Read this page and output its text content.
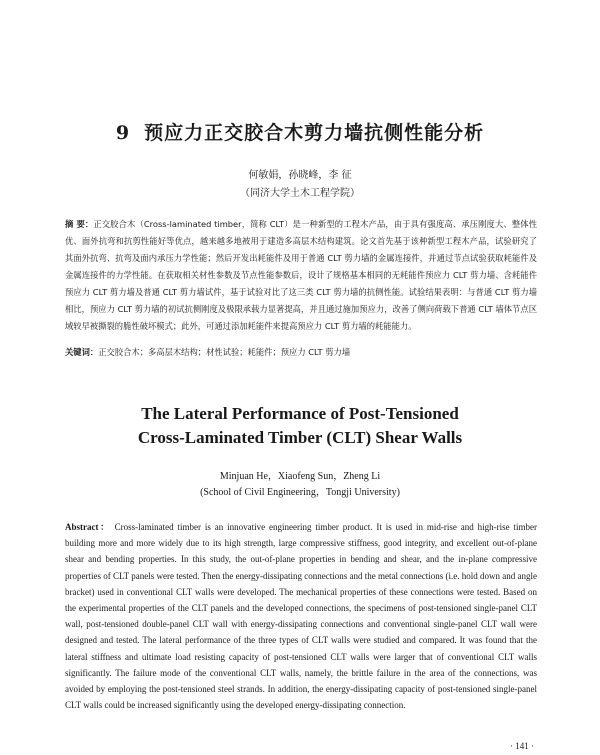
9 预应力正交胶合木剪力墙抗侧性能分析
何敏娟，孙晓峰，李 征
（同济大学土木工程学院）
摘 要：正交胶合木（Cross-laminated timber，简称 CLT）是一种新型的工程木产品，由于具有强度高、承压刚度大、整体性优、面外抗弯和抗剪性能好等优点，越来越多地被用于建造多高层木结构建筑。论文首先基于该种新型工程木产品，试验研究了其面外抗弯、抗弯及面内承压力学性能；然后开发出耗能件及用于普通 CLT 剪力墙的金属连接件，并通过节点试验获取耗能件及金属连接件的力学性能。在获取相关材性参数及节点性能参数后，设计了规格基本相同的无耗能件预应力 CLT 剪力墙、含耗能件预应力 CLT 剪力墙及普通 CLT 剪力墙试件，基于试验对比了这三类 CLT 剪力墙的抗侧性能。试验结果表明：与普通 CLT 剪力墙相比，预应力 CLT 剪力墙的初试抗侧刚度及极限承载力显著提高，并且通过施加预应力，改善了侧向荷载下普通 CLT 墙体节点区域较早被撕裂的脆性破坏模式；此外，可通过添加耗能件来提高预应力 CLT 剪力墙的耗能能力。
关键词：正交胶合木；多高层木结构；材性试验；耗能件；预应力 CLT 剪力墙
The Lateral Performance of Post-Tensioned
Cross-Laminated Timber (CLT) Shear Walls
Minjuan He，Xiaofeng Sun，Zheng Li
(School of Civil Engineering，Tongji University)
Abstract： Cross-laminated timber is an innovative engineering timber product. It is used in mid-rise and high-rise timber building more and more widely due to its high strength, large compressive stiffness, good integrity, and excellent out-of-plane shear and bending properties. In this study, the out-of-plane properties in bending and shear, and the in-plane compressive properties of CLT panels were tested. Then the energy-dissipating connections and the metal connections (i.e. hold down and angle bracket) used in conventional CLT walls were developed. The mechanical properties of these connections were tested. Based on the experimental properties of the CLT panels and the developed connections, the specimens of post-tensioned single-panel CLT wall, post-tensioned double-panel CLT wall with energy-dissipating connections and conventional single-panel CLT wall were designed and tested. The lateral performance of the three types of CLT walls were studied and compared. It was found that the lateral stiffness and ultimate load resisting capacity of post-tensioned CLT walls were larger that of conventional CLT walls significantly. The failure mode of the conventional CLT walls, namely, the brittle failure in the area of the connections, was avoided by employing the post-tensioned steel strands. In addition, the energy-dissipating capacity of post-tensioned single-panel CLT walls could be increased significantly using the developed energy-dissipating connection.
· 141 ·
